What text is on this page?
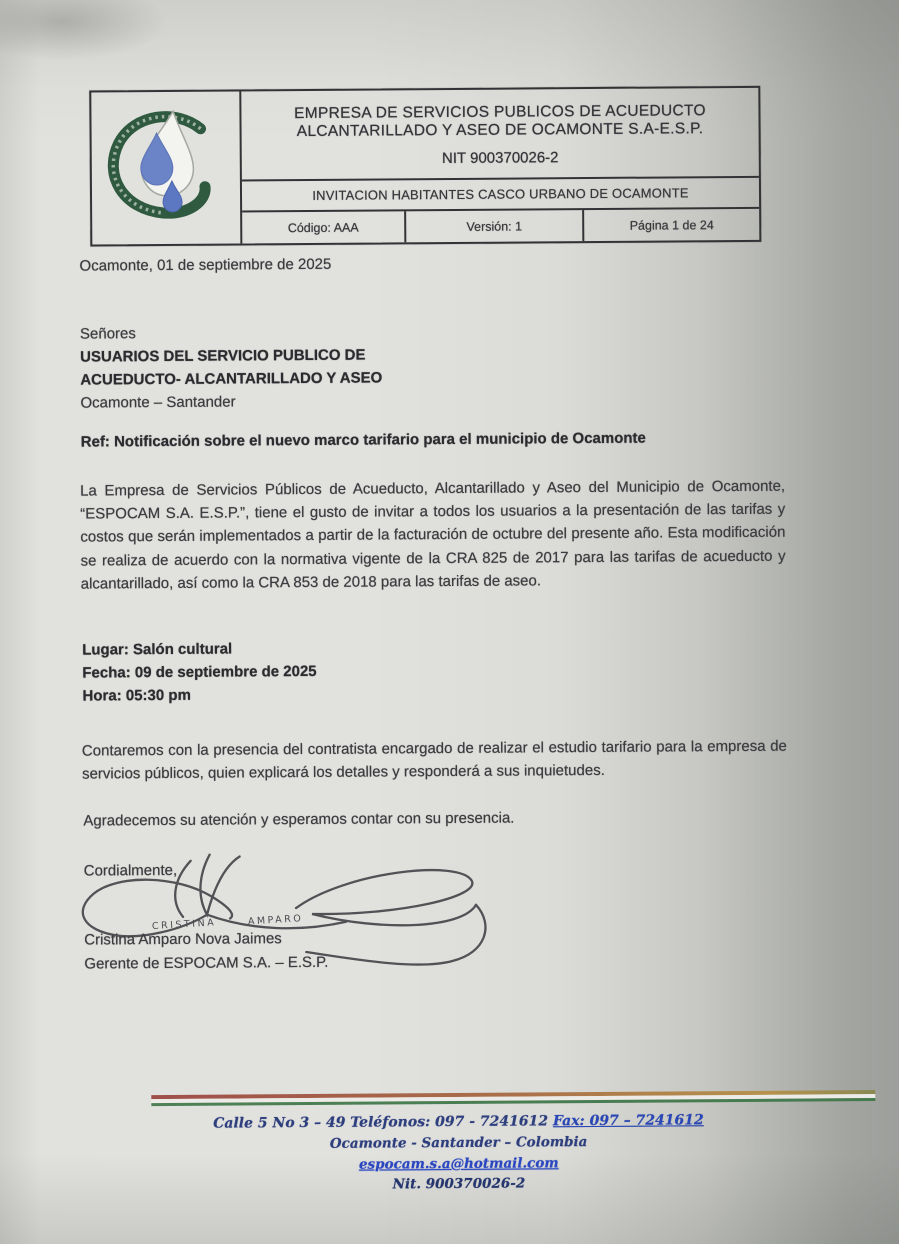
EMPRESA DE SERVICIOS PUBLICOS DE ACUEDUCTO
ALCANTARILLADO Y ASEO DE OCAMONTE S.A-E.S.P.
NIT 900370026-2
INVITACION HABITANTES CASCO URBANO DE OCAMONTE
Código: AAA	Versión: 1	Página 1 de 24
Ocamonte, 01 de septiembre de 2025
Señores
USUARIOS DEL SERVICIO PUBLICO DE
ACUEDUCTO- ALCANTARILLADO Y ASEO
Ocamonte – Santander
Ref: Notificación sobre el nuevo marco tarifario para el municipio de Ocamonte
La Empresa de Servicios Públicos de Acueducto, Alcantarillado y Aseo del Municipio de Ocamonte, “ESPOCAM S.A. E.S.P.”, tiene el gusto de invitar a todos los usuarios a la presentación de las tarifas y costos que serán implementados a partir de la facturación de octubre del presente año. Esta modificación se realiza de acuerdo con la normativa vigente de la CRA 825 de 2017 para las tarifas de acueducto y alcantarillado, así como la CRA 853 de 2018 para las tarifas de aseo.
Lugar: Salón cultural
Fecha: 09 de septiembre de 2025
Hora: 05:30 pm
Contaremos con la presencia del contratista encargado de realizar el estudio tarifario para la empresa de servicios públicos, quien explicará los detalles y responderá a sus inquietudes.
Agradecemos su atención y esperamos contar con su presencia.
Cordialmente,
Cristina Amparo Nova Jaimes
Gerente de ESPOCAM S.A. – E.S.P.
CRISTINA	AMPARO
Calle 5 No 3 – 49 Teléfonos: 097 - 7241612 Fax: 097 – 7241612
Ocamonte - Santander – Colombia
espocam.s.a@hotmail.com
Nit. 900370026-2
